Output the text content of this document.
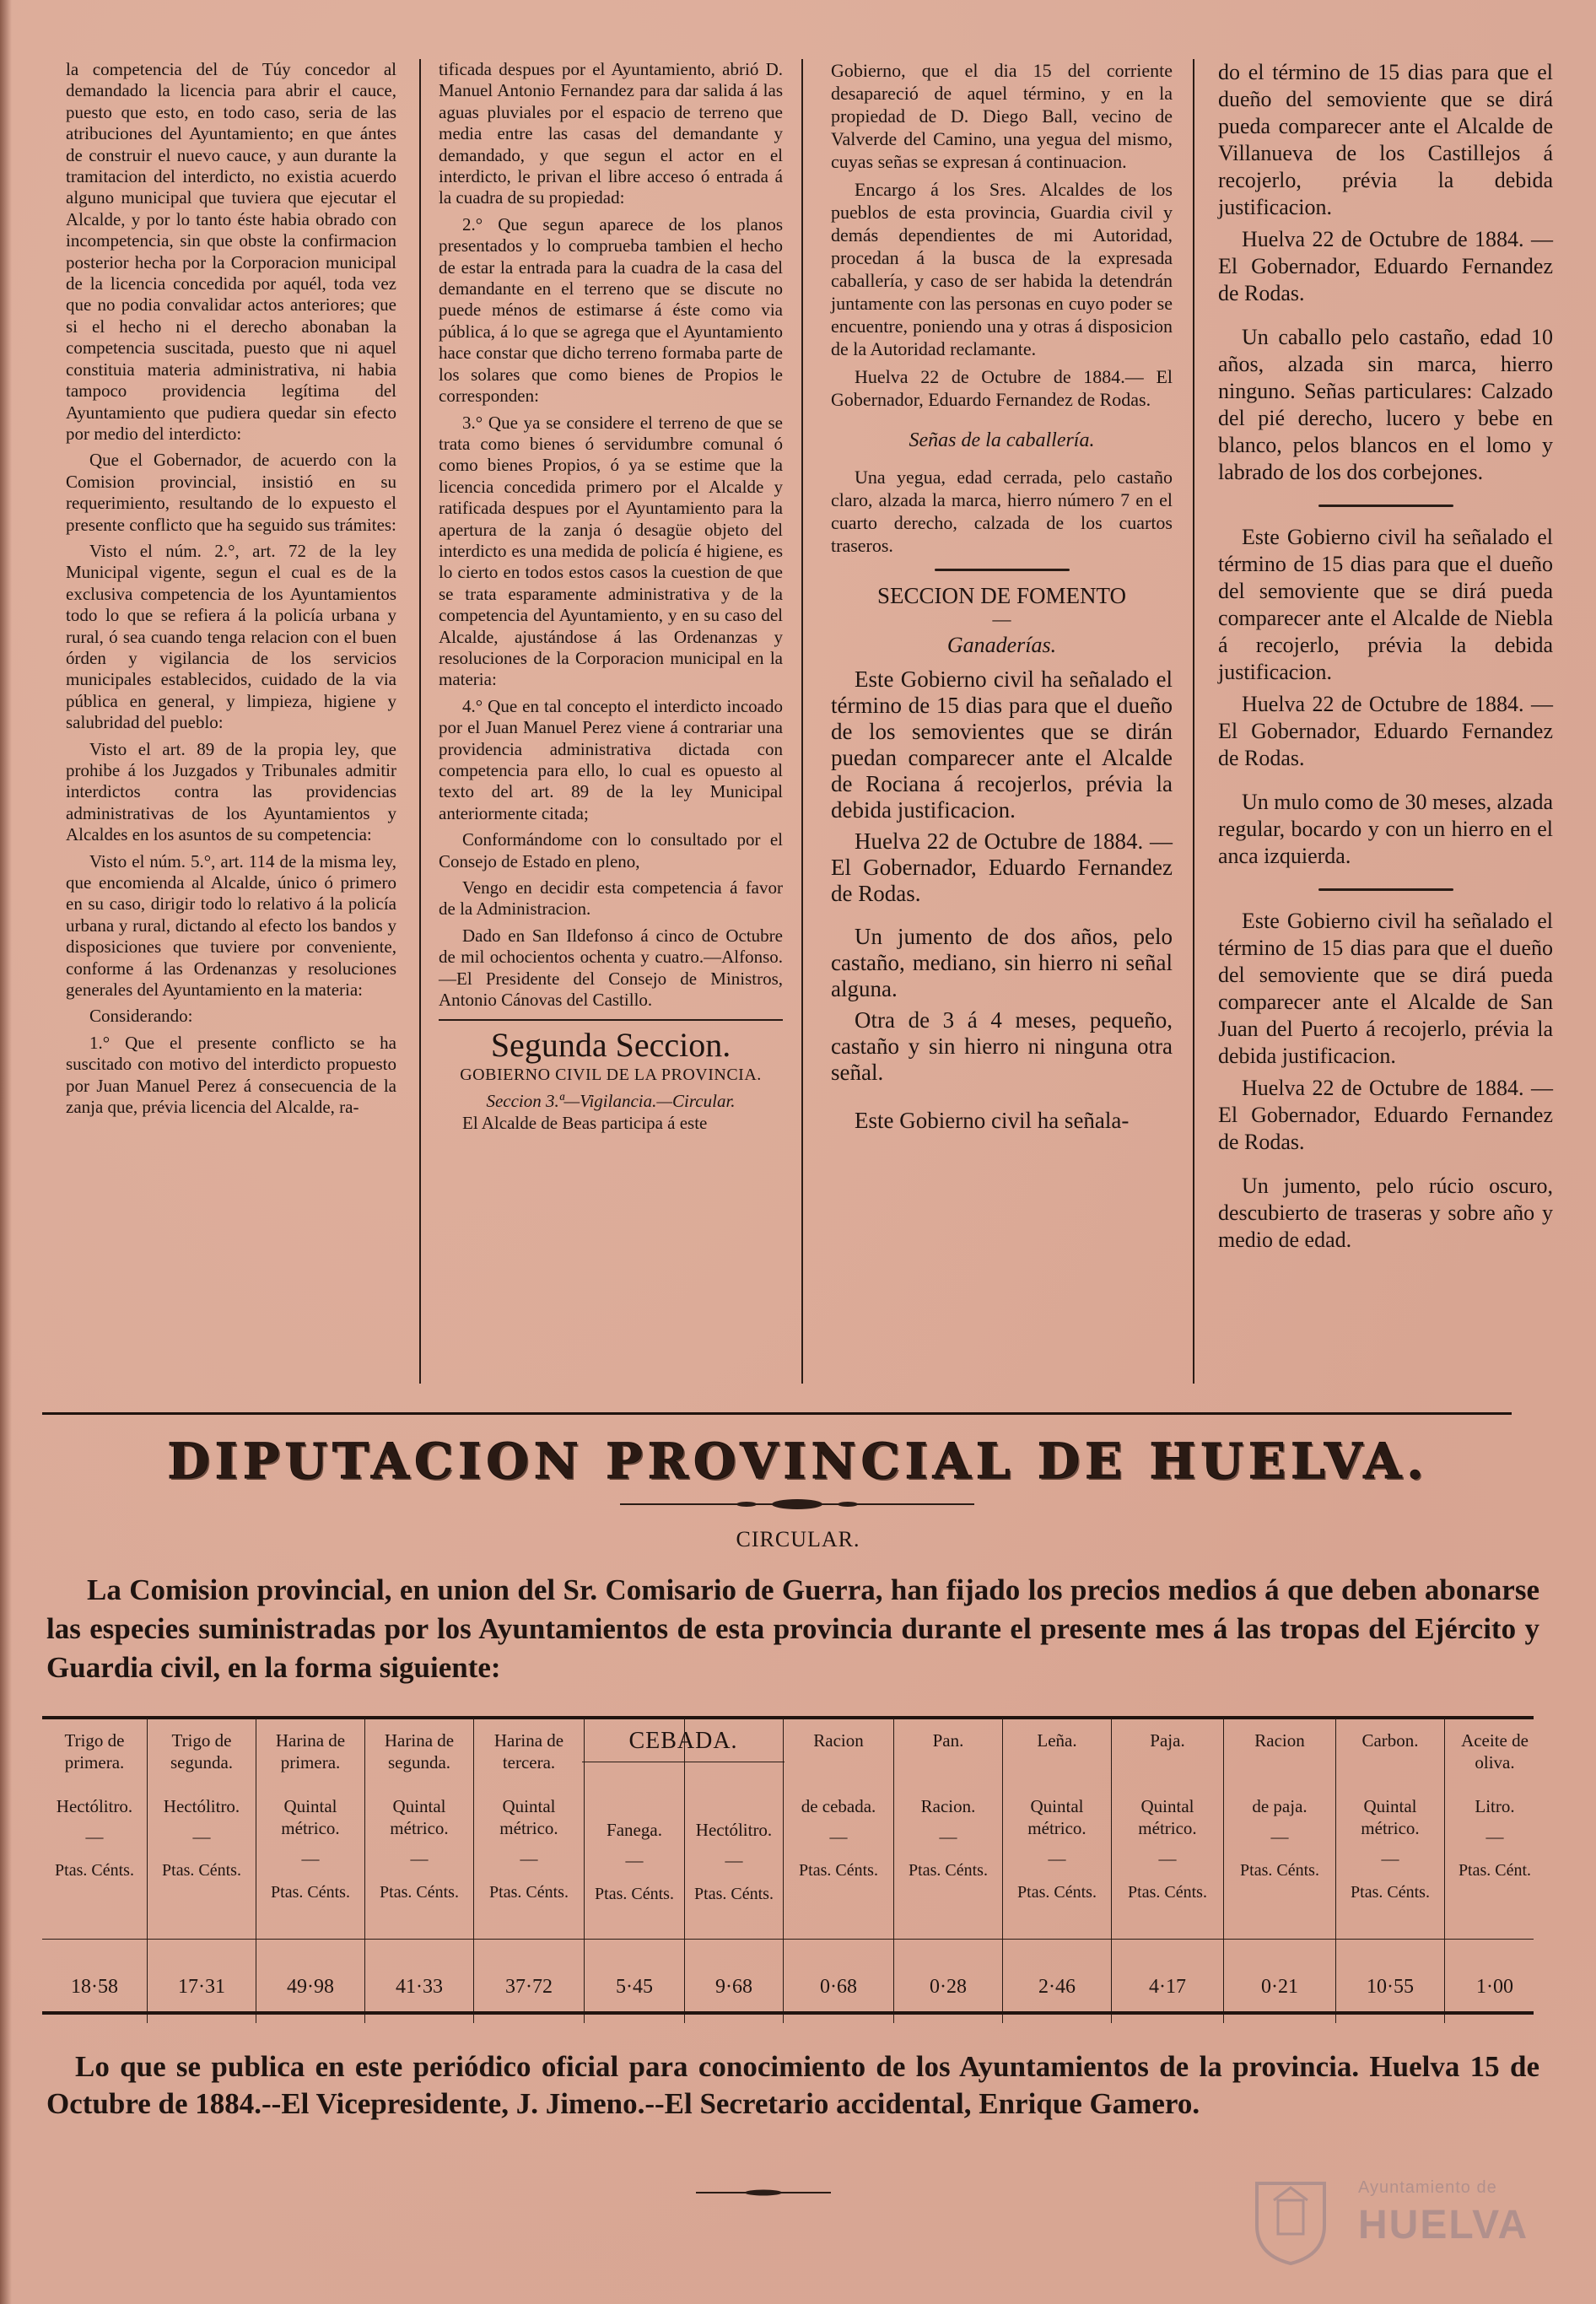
la competencia del de Túy concedor al demandado la licencia para abrir el cauce, puesto que esto, en todo caso, seria de las atribuciones del Ayuntamiento; en que ántes de construir el nuevo cauce, y aun durante la tramitacion del interdicto, no existia acuerdo alguno municipal que tuviera que ejecutar el Alcalde, y por lo tanto éste habia obrado con incompetencia, sin que obste la confirmacion posterior hecha por la Corporacion municipal de la licencia concedida por aquél, toda vez que no podia convalidar actos anteriores; que si el hecho ni el derecho abonaban la competencia suscitada, puesto que ni aquel constituia materia administrativa, ni habia tampoco providencia legítima del Ayuntamiento que pudiera quedar sin efecto por medio del interdicto:

Que el Gobernador, de acuerdo con la Comision provincial, insistió en su requerimiento, resultando de lo expuesto el presente conflicto que ha seguido sus trámites:

Visto el núm. 2.°, art. 72 de la ley Municipal vigente, segun el cual es de la exclusiva competencia de los Ayuntamientos todo lo que se refiera á la policía urbana y rural, ó sea cuando tenga relacion con el buen órden y vigilancia de los servicios municipales establecidos, cuidado de la via pública en general, y limpieza, higiene y salubridad del pueblo:

Visto el art. 89 de la propia ley, que prohibe á los Juzgados y Tribunales admitir interdictos contra las providencias administrativas de los Ayuntamientos y Alcaldes en los asuntos de su competencia:

Visto el núm. 5.°, art. 114 de la misma ley, que encomienda al Alcalde, único ó primero en su caso, dirigir todo lo relativo á la policía urbana y rural, dictando al efecto los bandos y disposiciones que tuviere por conveniente, conforme á las Ordenanzas y resoluciones generales del Ayuntamiento en la materia:

Considerando:

1.° Que el presente conflicto se ha suscitado con motivo del interdicto propuesto por Juan Manuel Perez á consecuencia de la zanja que, prévia licencia del Alcalde, ra-

tificada despues por el Ayuntamiento, abrió D. Manuel Antonio Fernandez para dar salida á las aguas pluviales por el espacio de terreno que media entre las casas del demandante y demandado, y que segun el actor en el interdicto, le privan el libre acceso ó entrada á la cuadra de su propiedad:

2.° Que segun aparece de los planos presentados y lo comprueba tambien el hecho de estar la entrada para la cuadra de la casa del demandante en el terreno que se discute no puede ménos de estimarse á éste como via pública, á lo que se agrega que el Ayuntamiento hace constar que dicho terreno formaba parte de los solares que como bienes de Propios le corresponden:

3.° Que ya se considere el terreno de que se trata como bienes ó servidumbre comunal ó como bienes Propios, ó ya se estime que la licencia concedida primero por el Alcalde y ratificada despues por el Ayuntamiento para la apertura de la zanja ó desagüe objeto del interdicto es una medida de policía é higiene, es lo cierto en todos estos casos la cuestion de que se trata esparamente administrativa y de la competencia del Ayuntamiento, y en su caso del Alcalde, ajustándose á las Ordenanzas y resoluciones de la Corporacion municipal en la materia:

4.° Que en tal concepto el interdicto incoado por el Juan Manuel Perez viene á contrariar una providencia administrativa dictada con competencia para ello, lo cual es opuesto al texto del art. 89 de la ley Municipal anteriormente citada;

Conformándome con lo consultado por el Consejo de Estado en pleno,

Vengo en decidir esta competencia á favor de la Administracion.

Dado en San Ildefonso á cinco de Octubre de mil ochocientos ochenta y cuatro.—Alfonso.—El Presidente del Consejo de Ministros, Antonio Cánovas del Castillo.

Segunda Seccion.
GOBIERNO CIVIL DE LA PROVINCIA.
Seccion 3.ª—Vigilancia.—Circular.

El Alcalde de Beas participa á este

Gobierno, que el dia 15 del corriente desapareció de aquel término, y en la propiedad de D. Diego Ball, vecino de Valverde del Camino, una yegua del mismo, cuyas señas se expresan á continuacion.

Encargo á los Sres. Alcaldes de los pueblos de esta provincia, Guardia civil y demás dependientes de mi Autoridad, procedan á la busca de la expresada caballería, y caso de ser habida la detendrán juntamente con las personas en cuyo poder se encuentre, poniendo una y otras á disposicion de la Autoridad reclamante.

Huelva 22 de Octubre de 1884.— El Gobernador, Eduardo Fernandez de Rodas.

Señas de la caballería.

Una yegua, edad cerrada, pelo castaño claro, alzada la marca, hierro número 7 en el cuarto derecho, calzada de los cuartos traseros.

SECCION DE FOMENTO
—
Ganaderías.

Este Gobierno civil ha señalado el término de 15 dias para que el dueño de los semovientes que se dirán puedan comparecer ante el Alcalde de Rociana á recojerlos, prévia la debida justificacion.

Huelva 22 de Octubre de 1884. —El Gobernador, Eduardo Fernandez de Rodas.

Un jumento de dos años, pelo castaño, mediano, sin hierro ni señal alguna.

Otra de 3 á 4 meses, pequeño, castaño y sin hierro ni ninguna otra señal.

Este Gobierno civil ha señala-

do el término de 15 dias para que el dueño del semoviente que se dirá pueda comparecer ante el Alcalde de Villanueva de los Castillejos á recojerlo, prévia la debida justificacion.

Huelva 22 de Octubre de 1884. —El Gobernador, Eduardo Fernandez de Rodas.

Un caballo pelo castaño, edad 10 años, alzada sin marca, hierro ninguno. Señas particulares: Calzado del pié derecho, lucero y bebe en blanco, pelos blancos en el lomo y labrado de los dos corbejones.

Este Gobierno civil ha señalado el término de 15 dias para que el dueño del semoviente que se dirá pueda comparecer ante el Alcalde de Niebla á recojerlo, prévia la debida justificacion.

Huelva 22 de Octubre de 1884. —El Gobernador, Eduardo Fernandez de Rodas.

Un mulo como de 30 meses, alzada regular, bocardo y con un hierro en el anca izquierda.

Este Gobierno civil ha señalado el término de 15 dias para que el dueño del semoviente que se dirá pueda comparecer ante el Alcalde de San Juan del Puerto á recojerlo, prévia la debida justificacion.

Huelva 22 de Octubre de 1884. —El Gobernador, Eduardo Fernandez de Rodas.

Un jumento, pelo rúcio oscuro, descubierto de traseras y sobre año y medio de edad.

DIPUTACION PROVINCIAL DE HUELVA.
CIRCULAR.
La Comision provincial, en union del Sr. Comisario de Guerra, han fijado los precios medios á que deben abonarse las especies suministradas por los Ayuntamientos de esta provincia durante el presente mes á las tropas del Ejército y Guardia civil, en la forma siguiente:
Trigo de primera.
Hectólitro.
—
Ptas. Cénts.	Trigo de segunda.
Hectólitro.
—
Ptas. Cénts.	Harina de primera.
Quintal métrico.
—
Ptas. Cénts.	Harina de segunda.
Quintal métrico.
—
Ptas. Cénts.	Harina de tercera.
Quintal métrico.
—
Ptas. Cénts.	Fanega.
—
Ptas. Cénts.	Hectólitro.
—
Ptas. Cénts.	Racion
de cebada.
—
Ptas. Cénts.	Pan.
Racion.
—
Ptas. Cénts.	Leña.
Quintal métrico.
—
Ptas. Cénts.	Paja.
Quintal métrico.
—
Ptas. Cénts.	Racion
de paja.
—
Ptas. Cénts.	Carbon.
Quintal métrico.
—
Ptas. Cénts.	Aceite de oliva.
Litro.
—
Ptas. Cént.

18·58	17·31	49·98	41·33	37·72	5·45	9·68	0·68	0·28	2·46	4·17	0·21	10·55	1·00
CEBADA.
Lo que se publica en este periódico oficial para conocimiento de los Ayuntamientos de la provincia. Huelva 15 de Octubre de 1884.--El Vicepresidente, J. Jimeno.--El Secretario accidental, Enrique Gamero.
Ayuntamiento de
HUELVA
